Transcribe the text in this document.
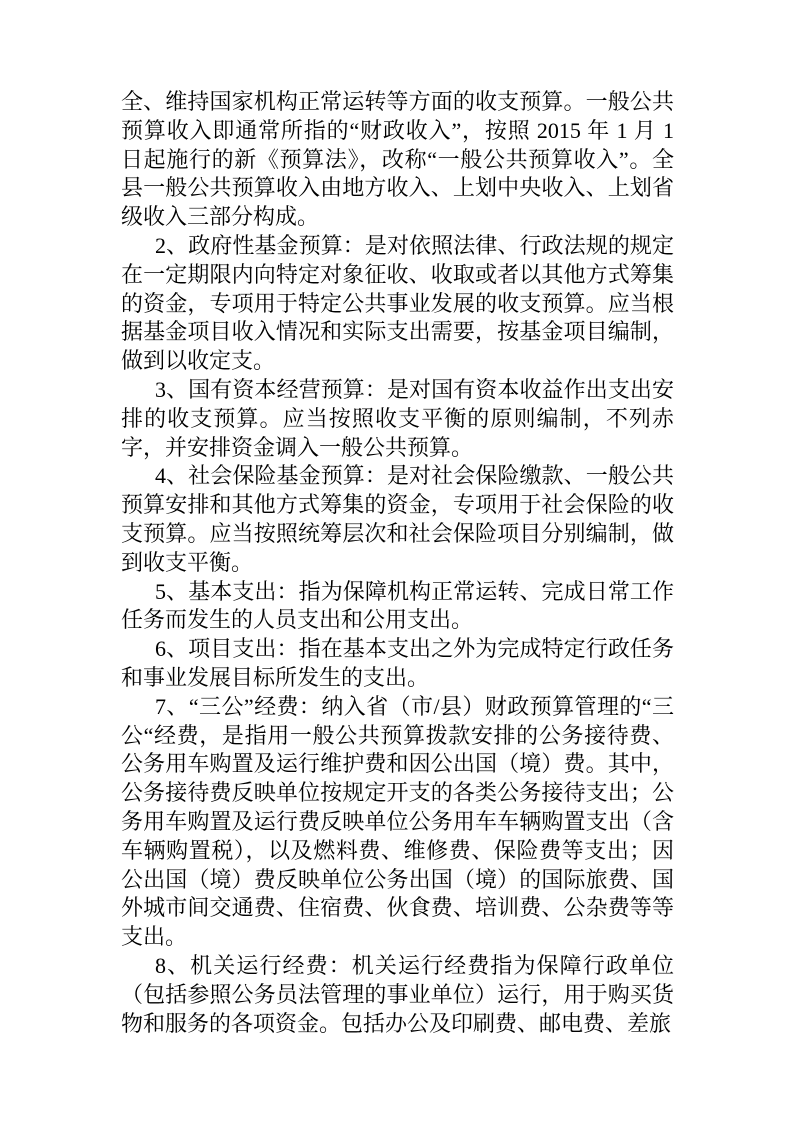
全、维持国家机构正常运转等方面的收支预算。一般公共预算收入即通常所指的“财政收入”，按照 2015 年 1 月 1 日起施行的新《预算法》，改称“一般公共预算收入”。全县一般公共预算收入由地方收入、上划中央收入、上划省级收入三部分构成。

2、政府性基金预算：是对依照法律、行政法规的规定在一定期限内向特定对象征收、收取或者以其他方式筹集的资金，专项用于特定公共事业发展的收支预算。应当根据基金项目收入情况和实际支出需要，按基金项目编制，做到以收定支。

3、国有资本经营预算：是对国有资本收益作出支出安排的收支预算。应当按照收支平衡的原则编制，不列赤字，并安排资金调入一般公共预算。

4、社会保险基金预算：是对社会保险缴款、一般公共预算安排和其他方式筹集的资金，专项用于社会保险的收支预算。应当按照统筹层次和社会保险项目分别编制，做到收支平衡。

5、基本支出：指为保障机构正常运转、完成日常工作任务而发生的人员支出和公用支出。

6、项目支出：指在基本支出之外为完成特定行政任务和事业发展目标所发生的支出。

7、“三公”经费：纳入省（市/县）财政预算管理的“三公“经费，是指用一般公共预算拨款安排的公务接待费、公务用车购置及运行维护费和因公出国（境）费。其中，公务接待费反映单位按规定开支的各类公务接待支出；公务用车购置及运行费反映单位公务用车车辆购置支出（含车辆购置税），以及燃料费、维修费、保险费等支出；因公出国（境）费反映单位公务出国（境）的国际旅费、国外城市间交通费、住宿费、伙食费、培训费、公杂费等等支出。

8、机关运行经费：机关运行经费指为保障行政单位（包括参照公务员法管理的事业单位）运行，用于购买货物和服务的各项资金。包括办公及印刷费、邮电费、差旅
